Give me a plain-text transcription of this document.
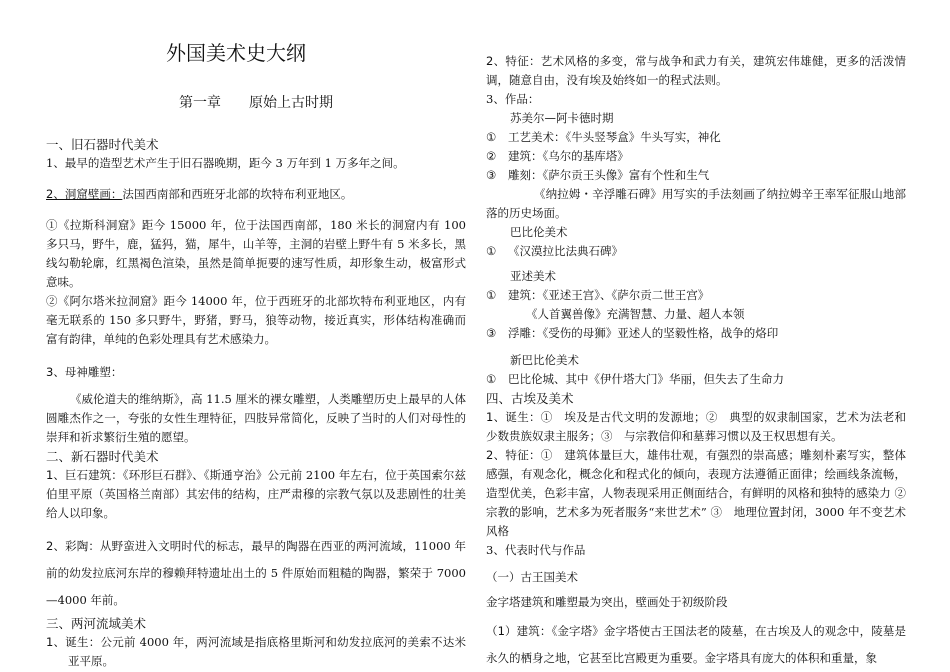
外国美术史大纲

第一章　　原始上古时期

一、旧石器时代美术

1、最早的造型艺术产生于旧石器晚期，距今 3 万年到 1 万多年之间。

2、洞窟壁画：法国西南部和西班牙北部的坎特布利亚地区。

①《拉斯科洞窟》距今 15000 年，位于法国西南部，180 米长的洞窟内有 100 多只马，野牛，鹿，猛犸，猫，犀牛，山羊等，主洞的岩壁上野牛有 5 米多长，黑线勾勒轮廓，红黑褐色渲染，虽然是简单扼要的速写性质，却形象生动，极富形式意味。

②《阿尔塔米拉洞窟》距今 14000 年，位于西班牙的北部坎特布利亚地区，内有毫无联系的 150 多只野牛，野猪，野马，狼等动物，接近真实，形体结构准确而富有韵律，单纯的色彩处理具有艺术感染力。

3、母神雕塑：

《威伦道夫的维纳斯》，高 11.5 厘米的裸女雕塑，人类雕塑历史上最早的人体圆雕杰作之一，夸张的女性生理特征，四肢异常简化，反映了当时的人们对母性的崇拜和祈求繁衍生殖的愿望。

二、新石器时代美术

1、巨石建筑：《环形巨石群》、《斯通亨治》公元前 2100 年左右，位于英国索尔兹伯里平原（英国格兰南部）其宏伟的结构，庄严肃穆的宗教气氛以及悲剧性的壮美给人以印象。

2、彩陶：从野蛮进入文明时代的标志，最早的陶器在西亚的两河流域，11000 年前的幼发拉底河东岸的穆赖拜特遗址出土的 5 件原始而粗糙的陶器，繁荣于 7000—4000 年前。

三、两河流域美术

1、诞生：公元前 4000 年，两河流域是指底格里斯河和幼发拉底河的美索不达米亚平原。

2、特征：艺术风格的多变，常与战争和武力有关，建筑宏伟雄健，更多的活泼情调，随意自由，没有埃及始终如一的程式法则。

3、作品：

苏美尔—阿卡德时期

① 工艺美术：《牛头竖琴盒》牛头写实，神化

② 建筑：《乌尔的基库塔》

③ 雕刻：《萨尔贡王头像》富有个性和生气

《纳拉姆・辛浮雕石碑》用写实的手法刻画了纳拉姆辛王率军征服山地部落的历史场面。

巴比伦美术

① 《汉漠拉比法典石碑》

亚述美术

① 建筑：《亚述王宫》、《萨尔贡二世王宫》

《人首翼兽像》充满智慧、力量、超人本领

③ 浮雕：《受伤的母狮》亚述人的坚毅性格，战争的烙印

新巴比伦美术

① 巴比伦城、其中《伊什塔大门》华丽，但失去了生命力

四、古埃及美术

1、诞生：①　埃及是古代文明的发源地；②　典型的奴隶制国家，艺术为法老和少数贵族奴隶主服务；③　与宗教信仰和墓葬习惯以及王权思想有关。

2、特征：①　建筑体量巨大，雄伟壮观，有强烈的崇高感；雕刻朴素写实，整体感强，有观念化，概念化和程式化的倾向，表现方法遵循正面律；绘画线条流畅，造型优美，色彩丰富，人物表现采用正侧面结合，有鲜明的风格和独特的感染力 ②　宗教的影响，艺术多为死者服务“来世艺术” ③　地理位置封闭，3000 年不变艺术风格

3、代表时代与作品

（一）古王国美术

金字塔建筑和雕塑最为突出，壁画处于初级阶段

（1）建筑：《金字塔》金字塔使古王国法老的陵墓，在古埃及人的观念中，陵墓是永久的栖身之地，它甚至比宫殿更为重要。金字塔具有庞大的体积和重量，象
